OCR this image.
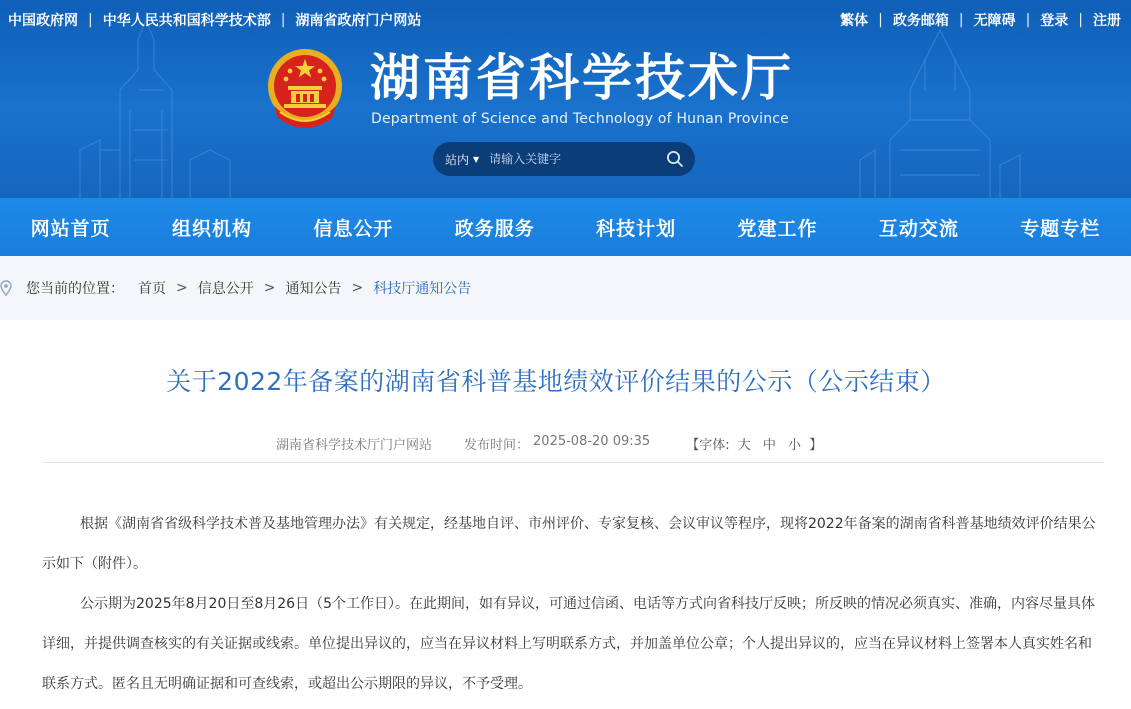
中国政府网 | 中华人民共和国科学技术部 | 湖南省政府门户网站	繁体 | 政务邮箱 | 无障碍 | 登录 | 注册
湖南省科学技术厅
Department of Science and Technology of Hunan Province
站内 ▼
请输入关键字
网站首页	组织机构	信息公开	政务服务	科技计划	党建工作	互动交流	专题专栏
您当前的位置： 首页 > 信息公开 > 通知公告 > 科技厅通知公告
关于2022年备案的湖南省科普基地绩效评价结果的公示（公示结束）
湖南省科学技术厅门户网站 发布时间： 2025-08-20 09:35	【字体: 大 中 小 】

根据《湖南省省级科学技术普及基地管理办法》有关规定，经基地自评、市州评价、专家复核、会议审议等程序，现将2022年备案的湖南省科普基地绩效评价结果公示如下（附件）。

公示期为2025年8月20日至8月26日（5个工作日）。在此期间，如有异议，可通过信函、电话等方式向省科技厅反映；所反映的情况必须真实、准确，内容尽量具体详细，并提供调查核实的有关证据或线索。单位提出异议的，应当在异议材料上写明联系方式，并加盖单位公章；个人提出异议的，应当在异议材料上签署本人真实姓名和联系方式。匿名且无明确证据和可查线索，或超出公示期限的异议，不予受理。
